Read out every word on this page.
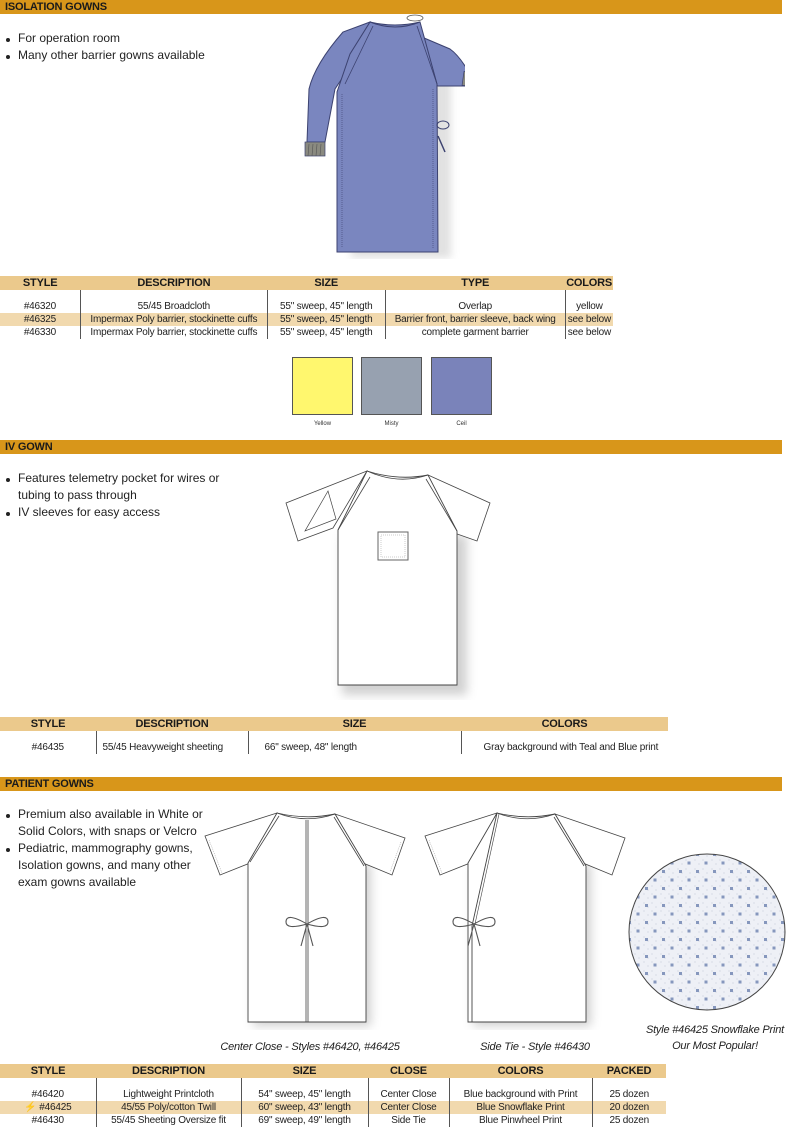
ISOLATION GOWNS
For operation room
Many other barrier gowns available
STYLE	DESCRIPTION	SIZE	TYPE	COLORS
#46320	55/45 Broadcloth	55" sweep, 45" length	Overlap	yellow
#46325	Impermax Poly barrier, stockinette cuffs	55" sweep, 45" length	Barrier front, barrier sleeve, back wing	see below
#46330	Impermax Poly barrier, stockinette cuffs	55" sweep, 45" length	complete garment barrier	see below
Yellow	Misty	Ceil
IV GOWN
Features telemetry pocket for wires or tubing to pass through
IV sleeves for easy access
STYLE	DESCRIPTION	SIZE	COLORS
#46435	55/45 Heavyweight sheeting	66" sweep, 48" length	Gray background with Teal and Blue print
PATIENT GOWNS
Premium also available in White or Solid Colors, with snaps or Velcro
Pediatric, mammography gowns, Isolation gowns, and many other exam gowns available
Center Close - Styles #46420, #46425	Side Tie - Style #46430
Style #46425 Snowflake Print
Our Most Popular!
STYLE	DESCRIPTION	SIZE	CLOSE	COLORS	PACKED
#46420	Lightweight Printcloth	54" sweep, 45" length	Center Close	Blue background with Print	25 dozen
⚡ #46425	45/55 Poly/cotton Twill	60" sweep, 43" length	Center Close	Blue Snowflake Print	20 dozen
#46430	55/45 Sheeting Oversize fit	69" sweep, 49" length	Side Tie	Blue Pinwheel Print	25 dozen
